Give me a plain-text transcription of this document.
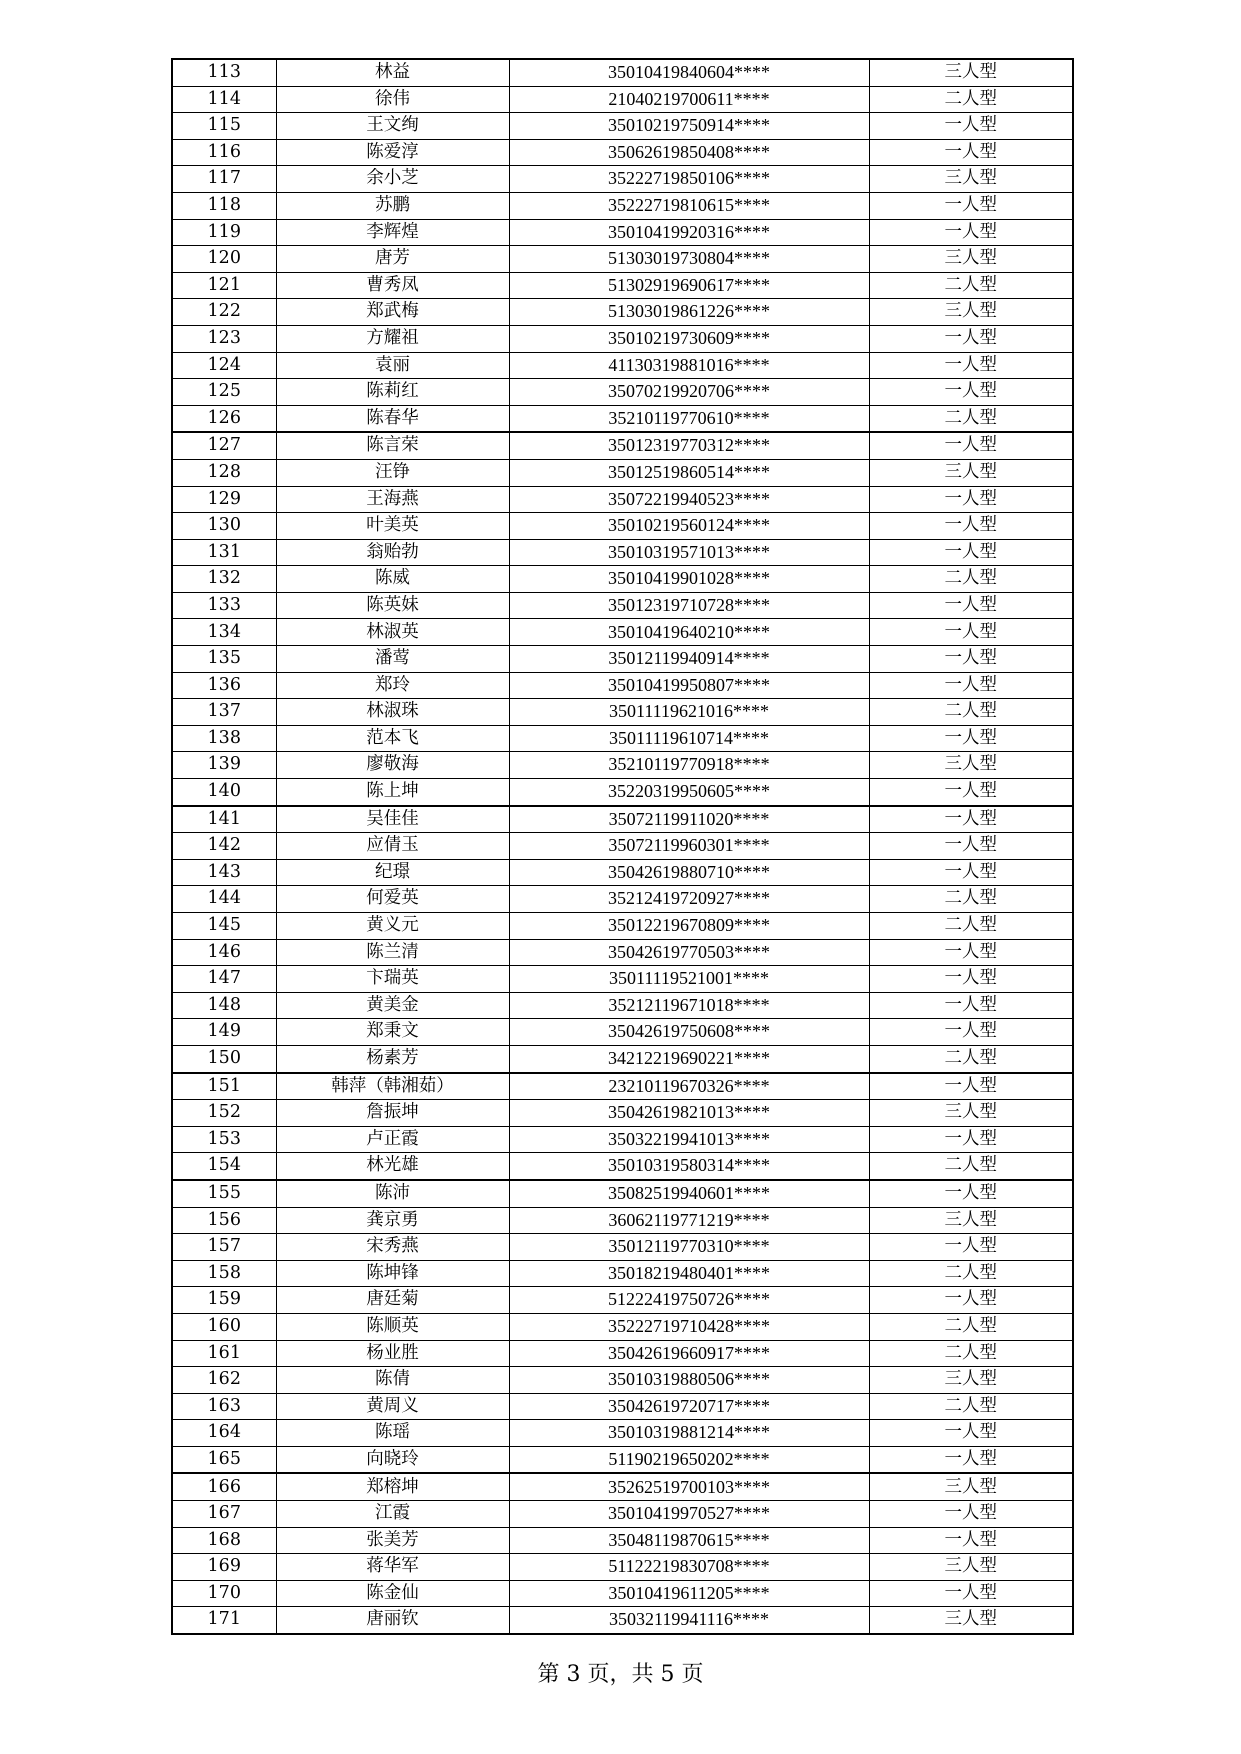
113	林益	35010419840604****	三人型
114	徐伟	21040219700611****	二人型
115	王文绚	35010219750914****	一人型
116	陈爱淳	35062619850408****	一人型
117	余小芝	35222719850106****	三人型
118	苏鹏	35222719810615****	一人型
119	李辉煌	35010419920316****	一人型
120	唐芳	51303019730804****	三人型
121	曹秀凤	51302919690617****	二人型
122	郑武梅	51303019861226****	三人型
123	方耀祖	35010219730609****	一人型
124	袁丽	41130319881016****	一人型
125	陈莉红	35070219920706****	一人型
126	陈春华	35210119770610****	二人型
127	陈言荣	35012319770312****	一人型
128	汪铮	35012519860514****	三人型
129	王海燕	35072219940523****	一人型
130	叶美英	35010219560124****	一人型
131	翁贻勃	35010319571013****	一人型
132	陈威	35010419901028****	二人型
133	陈英妹	35012319710728****	一人型
134	林淑英	35010419640210****	一人型
135	潘莺	35012119940914****	一人型
136	郑玲	35010419950807****	一人型
137	林淑珠	35011119621016****	二人型
138	范本飞	35011119610714****	一人型
139	廖敬海	35210119770918****	三人型
140	陈上坤	35220319950605****	一人型
141	吴佳佳	35072119911020****	一人型
142	应倩玉	35072119960301****	一人型
143	纪璟	35042619880710****	一人型
144	何爱英	35212419720927****	二人型
145	黄义元	35012219670809****	二人型
146	陈兰清	35042619770503****	一人型
147	卞瑞英	35011119521001****	一人型
148	黄美金	35212119671018****	一人型
149	郑秉文	35042619750608****	一人型
150	杨素芳	34212219690221****	二人型
151	韩萍（韩湘茹）	23210119670326****	一人型
152	詹振坤	35042619821013****	三人型
153	卢正霞	35032219941013****	一人型
154	林光雄	35010319580314****	二人型
155	陈沛	35082519940601****	一人型
156	龚京勇	36062119771219****	三人型
157	宋秀燕	35012119770310****	一人型
158	陈坤锋	35018219480401****	二人型
159	唐廷菊	51222419750726****	一人型
160	陈顺英	35222719710428****	二人型
161	杨业胜	35042619660917****	二人型
162	陈倩	35010319880506****	三人型
163	黄周义	35042619720717****	二人型
164	陈瑶	35010319881214****	一人型
165	向晓玲	51190219650202****	一人型
166	郑榕坤	35262519700103****	三人型
167	江霞	35010419970527****	一人型
168	张美芳	35048119870615****	一人型
169	蒋华军	51122219830708****	三人型
170	陈金仙	35010419611205****	一人型
171	唐丽钦	35032119941116****	三人型
第 3 页，共 5 页
